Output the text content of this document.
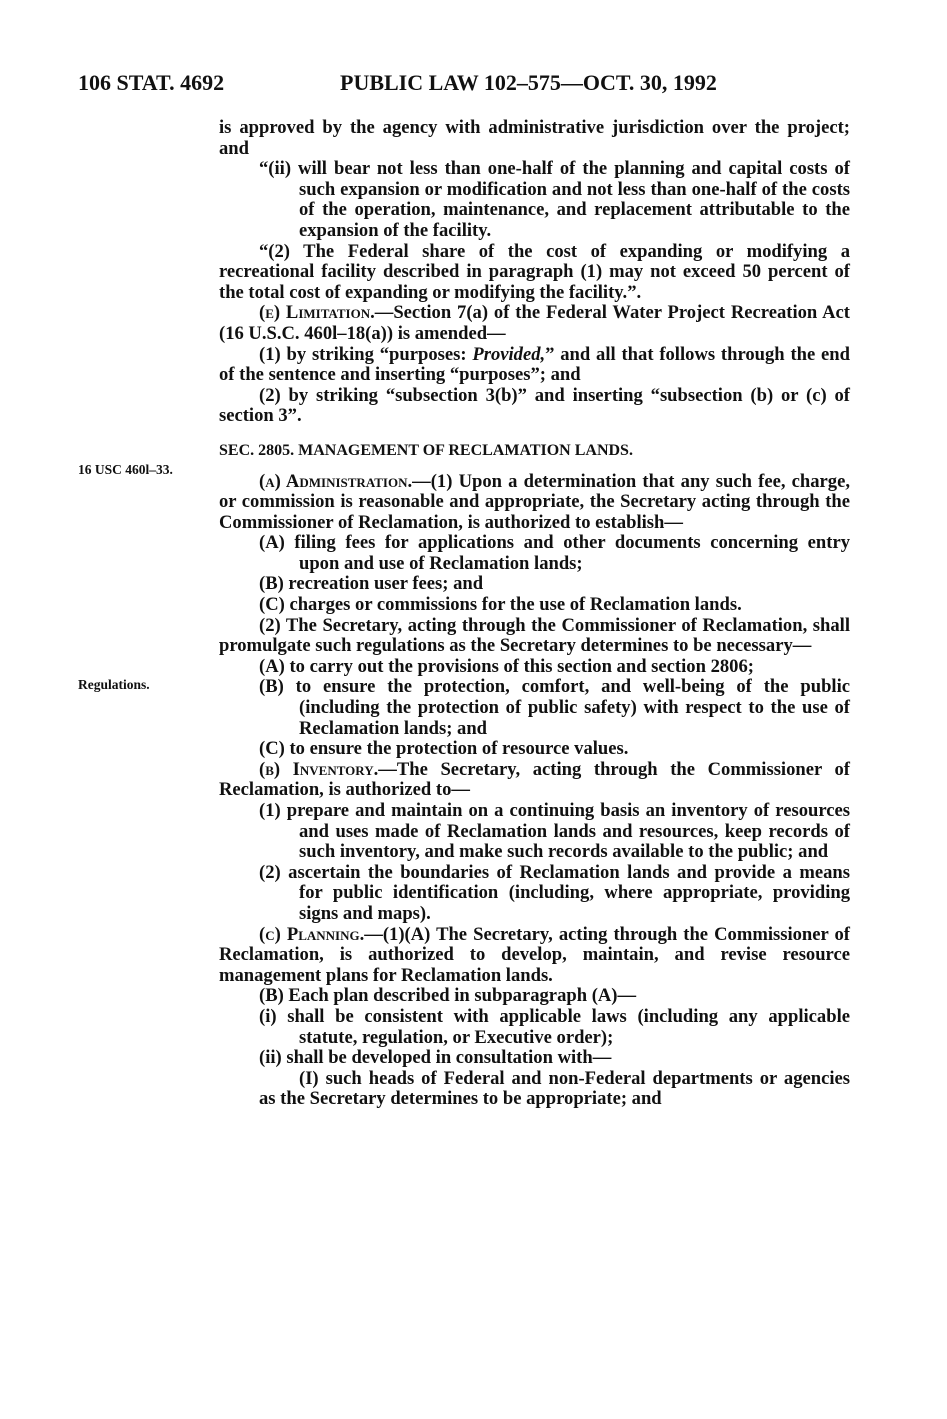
106 STAT. 4692	PUBLIC LAW 102–575—OCT. 30, 1992
16 USC 460l–33.
Regulations.

is approved by the agency with administrative jurisdiction over the project; and

“(ii) will bear not less than one-half of the planning and capital costs of such expansion or modification and not less than one-half of the costs of the operation, maintenance, and replacement attributable to the expansion of the facility.

“(2) The Federal share of the cost of expanding or modifying a recreational facility described in paragraph (1) may not exceed 50 percent of the total cost of expanding or modifying the facility.”.

(e) Limitation.—Section 7(a) of the Federal Water Project Recreation Act (16 U.S.C. 460l–18(a)) is amended—

(1) by striking “purposes: Provided,” and all that follows through the end of the sentence and inserting “purposes”; and

(2) by striking “subsection 3(b)” and inserting “subsection (b) or (c) of section 3”.

SEC. 2805. MANAGEMENT OF RECLAMATION LANDS.

(a) Administration.—(1) Upon a determination that any such fee, charge, or commission is reasonable and appropriate, the Secretary acting through the Commissioner of Reclamation, is authorized to establish—

(A) filing fees for applications and other documents concerning entry upon and use of Reclamation lands;

(B) recreation user fees; and

(C) charges or commissions for the use of Reclamation lands.

(2) The Secretary, acting through the Commissioner of Reclamation, shall promulgate such regulations as the Secretary determines to be necessary—

(A) to carry out the provisions of this section and section 2806;

(B) to ensure the protection, comfort, and well-being of the public (including the protection of public safety) with respect to the use of Reclamation lands; and

(C) to ensure the protection of resource values.

(b) Inventory.—The Secretary, acting through the Commissioner of Reclamation, is authorized to—

(1) prepare and maintain on a continuing basis an inventory of resources and uses made of Reclamation lands and resources, keep records of such inventory, and make such records available to the public; and

(2) ascertain the boundaries of Reclamation lands and provide a means for public identification (including, where appropriate, providing signs and maps).

(c) Planning.—(1)(A) The Secretary, acting through the Commissioner of Reclamation, is authorized to develop, maintain, and revise resource management plans for Reclamation lands.

(B) Each plan described in subparagraph (A)—

(i) shall be consistent with applicable laws (including any applicable statute, regulation, or Executive order);

(ii) shall be developed in consultation with—

(I) such heads of Federal and non-Federal departments or agencies as the Secretary determines to be appropriate; and
